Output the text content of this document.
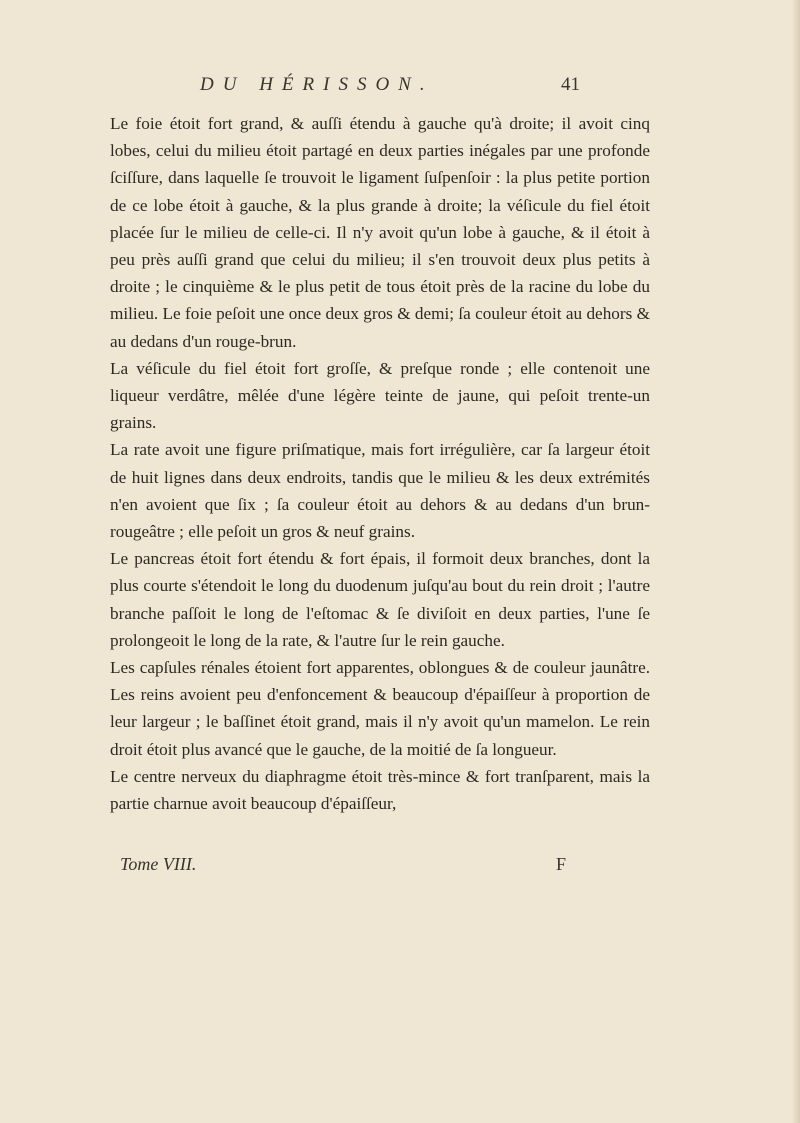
DU HÉRISSON.	41

Le foie étoit fort grand, & auſſi étendu à gauche qu'à droite; il avoit cinq lobes, celui du milieu étoit partagé en deux parties inégales par une profonde ſciſſure, dans laquelle ſe trouvoit le ligament ſuſpenſoir : la plus petite portion de ce lobe étoit à gauche, & la plus grande à droite; la véſicule du fiel étoit placée ſur le milieu de celle-ci. Il n'y avoit qu'un lobe à gauche, & il étoit à peu près auſſi grand que celui du milieu; il s'en trouvoit deux plus petits à droite ; le cinquième & le plus petit de tous étoit près de la racine du lobe du milieu. Le foie peſoit une once deux gros & demi; ſa couleur étoit au dehors & au dedans d'un rouge-brun.

La véſicule du fiel étoit fort groſſe, & preſque ronde ; elle contenoit une liqueur verdâtre, mêlée d'une légère teinte de jaune, qui peſoit trente-un grains.

La rate avoit une figure priſmatique, mais fort irrégulière, car ſa largeur étoit de huit lignes dans deux endroits, tandis que le milieu & les deux extrémités n'en avoient que ſix ; ſa couleur étoit au dehors & au dedans d'un brun-rougeâtre ; elle peſoit un gros & neuf grains.

Le pancreas étoit fort étendu & fort épais, il formoit deux branches, dont la plus courte s'étendoit le long du duodenum juſqu'au bout du rein droit ; l'autre branche paſſoit le long de l'eſtomac & ſe diviſoit en deux parties, l'une ſe prolongeoit le long de la rate, & l'autre ſur le rein gauche.

Les capſules rénales étoient fort apparentes, oblongues & de couleur jaunâtre. Les reins avoient peu d'enfoncement & beaucoup d'épaiſſeur à proportion de leur largeur ; le baſſinet étoit grand, mais il n'y avoit qu'un mamelon. Le rein droit étoit plus avancé que le gauche, de la moitié de ſa longueur.

Le centre nerveux du diaphragme étoit très-mince & fort tranſparent, mais la partie charnue avoit beaucoup d'épaiſſeur,

Tome VIII.	F
